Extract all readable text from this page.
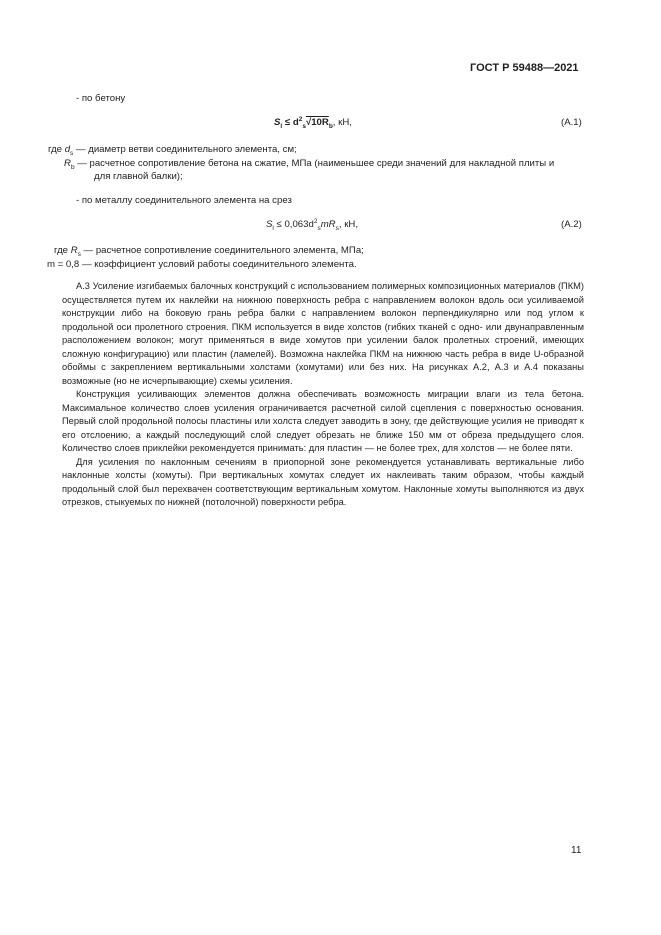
ГОСТ Р 59488—2021
- по бетону
$S_l \le d^2_s√10R_b$, кН,	(А.1)
где $d_s$ — диаметр ветви соединительного элемента, см;
$R_b$ — расчетное сопротивление бетона на сжатие, МПа (наименьшее среди значений для накладной плиты и
для главной балки);
- по металлу соединительного элемента на срез
$S_l \le 0,063d^2_smR_s$, кН,	(А.2)
где $R_s$ — расчетное сопротивление соединительного элемента, МПа;
m = 0,8 — коэффициент условий работы соединительного элемента.

А.3 Усиление изгибаемых балочных конструкций с использованием полимерных композиционных материалов (ПКМ) осуществляется путем их наклейки на нижнюю поверхность ребра с направлением волокон вдоль оси усиливаемой конструкции либо на боковую грань ребра балки с направлением волокон перпендикулярно или под углом к продольной оси пролетного строения. ПКМ используется в виде холстов (гибких тканей с одно- или двунаправленным расположением волокон; могут применяться в виде хомутов при усилении балок пролетных строений, имеющих сложную конфигурацию) или пластин (ламелей). Возможна наклейка ПКМ на нижнюю часть ребра в виде U-образной обоймы с закреплением вертикальными холстами (хомутами) или без них. На рисунках А.2, А.3 и А.4 показаны возможные (но не исчерпывающие) схемы усиления.

Конструкция усиливающих элементов должна обеспечивать возможность миграции влаги из тела бетона. Максимальное количество слоев усиления ограничивается расчетной силой сцепления с поверхностью основания. Первый слой продольной полосы пластины или холста следует заводить в зону, где действующие усилия не приводят к его отслоению, а каждый последующий слой следует обрезать не ближе 150 мм от обреза предыдущего слоя. Количество слоев приклейки рекомендуется принимать: для пластин — не более трех, для холстов — не более пяти.

Для усиления по наклонным сечениям в приопорной зоне рекомендуется устанавливать вертикальные либо наклонные холсты (хомуты). При вертикальных хомутах следует их наклеивать таким образом, чтобы каждый продольный слой был перехвачен соответствующим вертикальным хомутом. Наклонные хомуты выполняются из двух отрезков, стыкуемых по нижней (потолочной) поверхности ребра.

11
